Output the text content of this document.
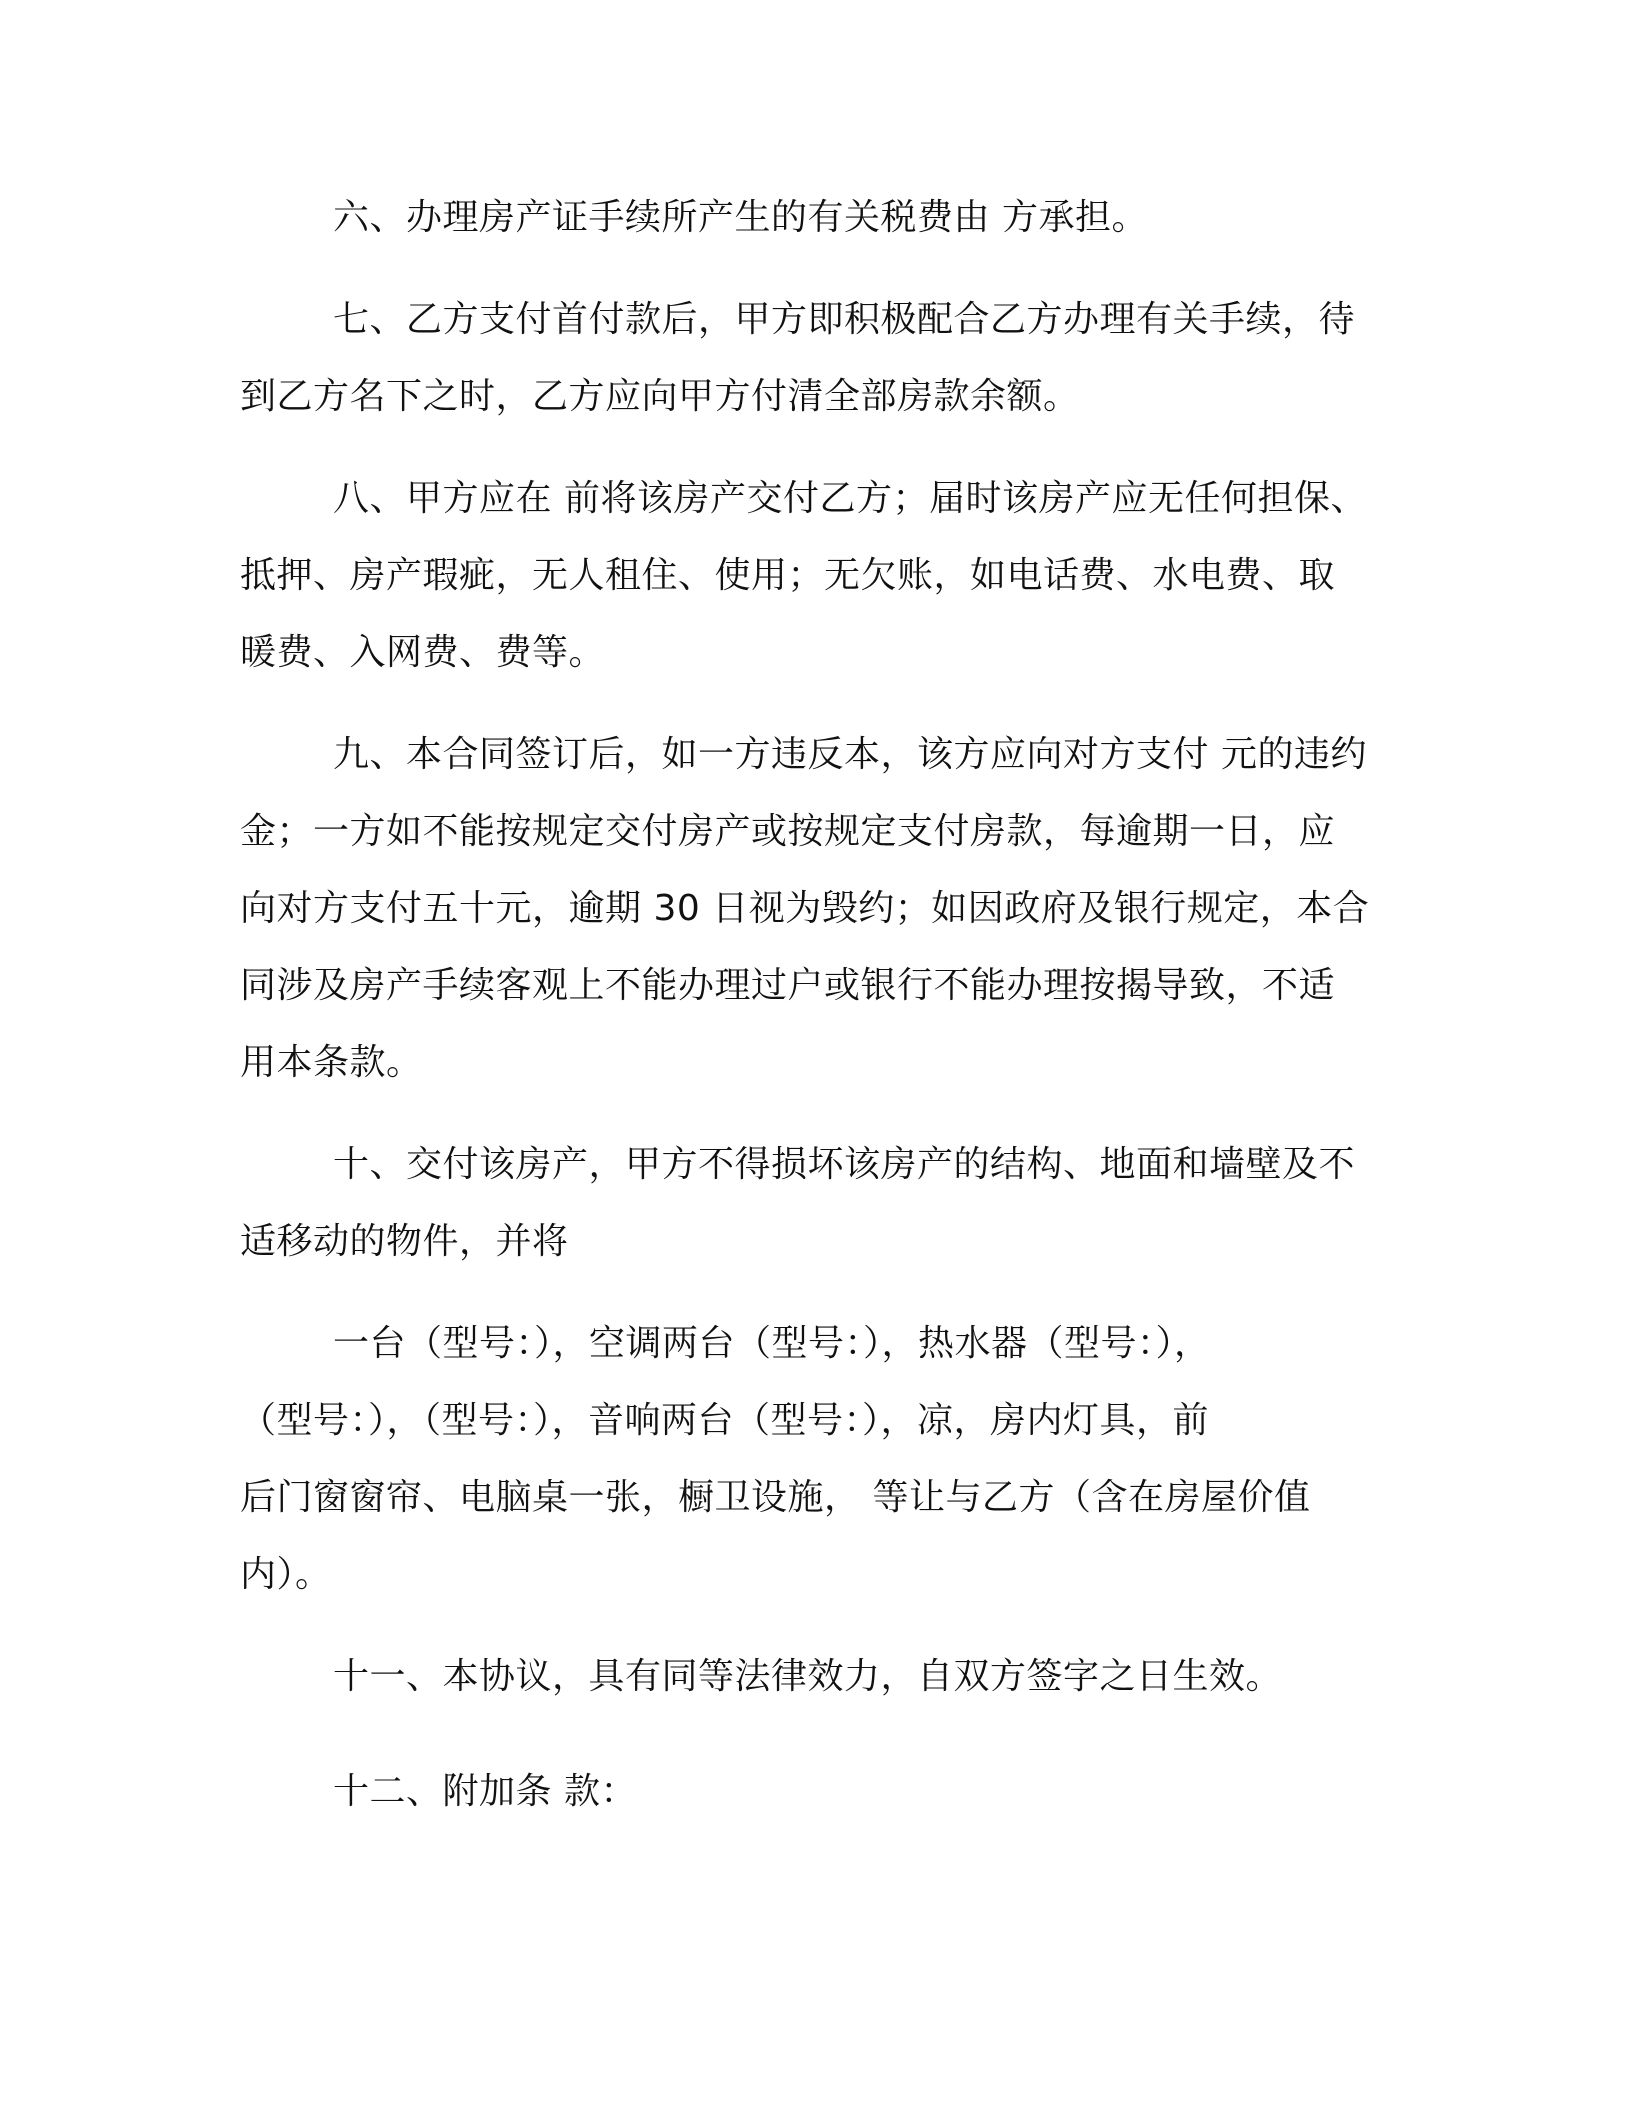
六、办理房产证手续所产生的有关税费由 方承担。
七、乙方支付首付款后，甲方即积极配合乙方办理有关手续，待
到乙方名下之时，乙方应向甲方付清全部房款余额。
八、甲方应在 前将该房产交付乙方；届时该房产应无任何担保、
抵押、房产瑕疵，无人租住、使用；无欠账，如电话费、水电费、取
暖费、入网费、费等。
九、本合同签订后，如一方违反本，该方应向对方支付 元的违约
金；一方如不能按规定交付房产或按规定支付房款，每逾期一日，应
向对方支付五十元，逾期 30 日视为毁约；如因政府及银行规定，本合
同涉及房产手续客观上不能办理过户或银行不能办理按揭导致，不适
用本条款。
十、交付该房产，甲方不得损坏该房产的结构、地面和墙壁及不
适移动的物件，并将
一台（型号：），空调两台（型号：），热水器（型号：），
（型号：），（型号：），音响两台（型号：），凉，房内灯具，前
后门窗窗帘、电脑桌一张，橱卫设施， 等让与乙方（含在房屋价值
内）。
十一、本协议，具有同等法律效力，自双方签字之日生效。
十二、附加条 款：
